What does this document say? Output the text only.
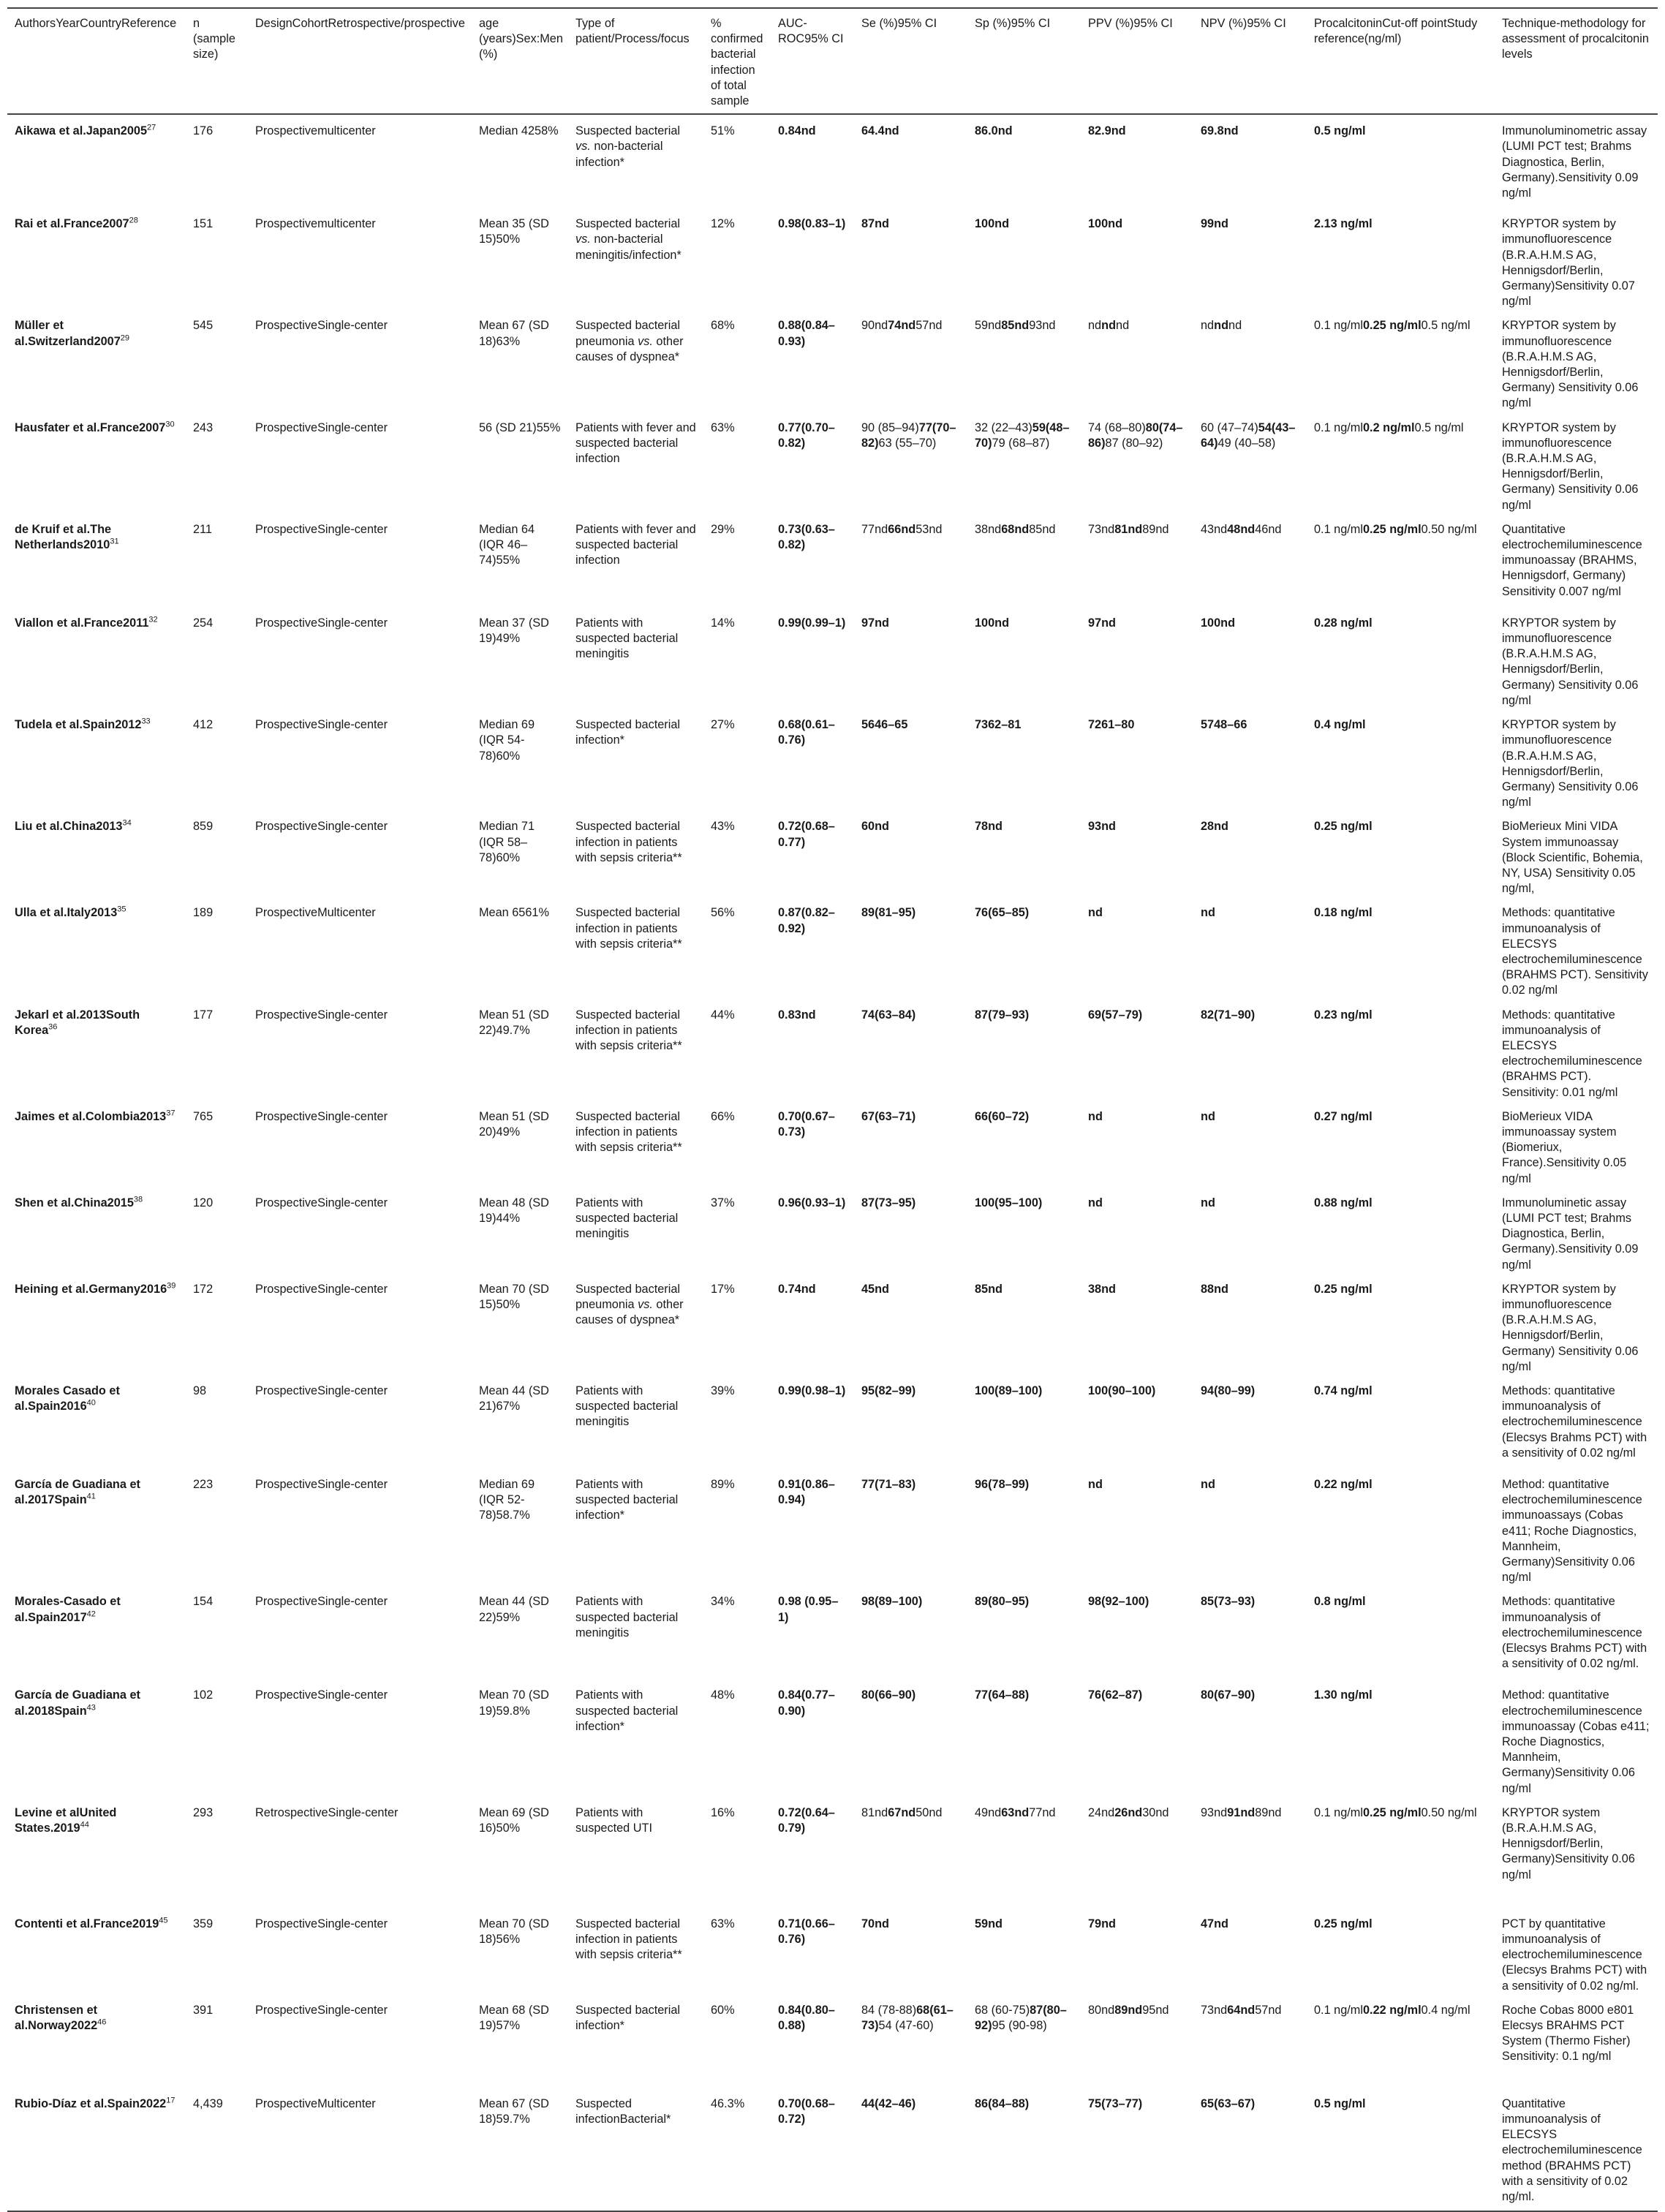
AuthorsYearCountryReference	n (sample size)	DesignCohortRetrospective/prospective	age (years)Sex:Men (%)	Type of patient/Process/focus	% confirmed bacterial infection of total sample	AUC-ROC95% CI	Se (%)95% CI	Sp (%)95% CI	PPV (%)95% CI	NPV (%)95% CI	ProcalcitoninCut-off pointStudy reference(ng/ml)	Technique-methodology for assessment of procalcitonin levels
Aikawa et al.Japan2005$^{27}$	176	Prospectivemulticenter	Median 4258%	Suspected bacterial vs. non-bacterial infection*	51%	0.84nd	64.4nd	86.0nd	82.9nd	69.8nd	0.5 ng/ml	Immunoluminometric assay (LUMI PCT test; Brahms Diagnostica, Berlin, Germany).Sensitivity 0.09 ng/ml
Rai et al.France2007$^{28}$	151	Prospectivemulticenter	Mean 35 (SD 15)50%	Suspected bacterial vs. non-bacterial meningitis/infection*	12%	0.98(0.83–1)	87nd	100nd	100nd	99nd	2.13 ng/ml	KRYPTOR system by immunofluorescence (B.R.A.H.M.S AG, Hennigsdorf/Berlin, Germany)Sensitivity 0.07 ng/ml
Müller et al.Switzerland2007$^{29}$	545	ProspectiveSingle-center	Mean 67 (SD 18)63%	Suspected bacterial pneumonia vs. other causes of dyspnea*	68%	0.88(0.84–0.93)	90nd74nd57nd	59nd85nd93nd	ndndnd	ndndnd	0.1 ng/ml0.25 ng/ml0.5 ng/ml	KRYPTOR system by immunofluorescence (B.R.A.H.M.S AG, Hennigsdorf/Berlin, Germany) Sensitivity 0.06 ng/ml
Hausfater et al.France2007$^{30}$	243	ProspectiveSingle-center	56 (SD 21)55%	Patients with fever and suspected bacterial infection	63%	0.77(0.70–0.82)	90 (85–94)77(70–82)63 (55–70)	32 (22–43)59(48–70)79 (68–87)	74 (68–80)80(74–86)87 (80–92)	60 (47–74)54(43–64)49 (40–58)	0.1 ng/ml0.2 ng/ml0.5 ng/ml	KRYPTOR system by immunofluorescence (B.R.A.H.M.S AG, Hennigsdorf/Berlin, Germany) Sensitivity 0.06 ng/ml
de Kruif et al.The Netherlands2010$^{31}$	211	ProspectiveSingle-center	Median 64 (IQR 46–74)55%	Patients with fever and suspected bacterial infection	29%	0.73(0.63–0.82)	77nd66nd53nd	38nd68nd85nd	73nd81nd89nd	43nd48nd46nd	0.1 ng/ml0.25 ng/ml0.50 ng/ml	Quantitative electrochemiluminescence immunoassay (BRAHMS, Hennigsdorf, Germany) Sensitivity 0.007 ng/ml
Viallon et al.France2011$^{32}$	254	ProspectiveSingle-center	Mean 37 (SD 19)49%	Patients with suspected bacterial meningitis	14%	0.99(0.99–1)	97nd	100nd	97nd	100nd	0.28 ng/ml	KRYPTOR system by immunofluorescence (B.R.A.H.M.S AG, Hennigsdorf/Berlin, Germany) Sensitivity 0.06 ng/ml
Tudela et al.Spain2012$^{33}$	412	ProspectiveSingle-center	Median 69 (IQR 54-78)60%	Suspected bacterial infection*	27%	0.68(0.61–0.76)	5646–65	7362–81	7261–80	5748–66	0.4 ng/ml	KRYPTOR system by immunofluorescence (B.R.A.H.M.S AG, Hennigsdorf/Berlin, Germany) Sensitivity 0.06 ng/ml
Liu et al.China2013$^{34}$	859	ProspectiveSingle-center	Median 71 (IQR 58–78)60%	Suspected bacterial infection in patients with sepsis criteria**	43%	0.72(0.68–0.77)	60nd	78nd	93nd	28nd	0.25 ng/ml	BioMerieux Mini VIDA System immunoassay (Block Scientific, Bohemia, NY, USA) Sensitivity 0.05 ng/ml,
Ulla et al.Italy2013$^{35}$	189	ProspectiveMulticenter	Mean 6561%	Suspected bacterial infection in patients with sepsis criteria**	56%	0.87(0.82–0.92)	89(81–95)	76(65–85)	nd	nd	0.18 ng/ml	Methods: quantitative immunoanalysis of ELECSYS electrochemiluminescence (BRAHMS PCT). Sensitivity 0.02 ng/ml
Jekarl et al.2013South Korea$^{36}$	177	ProspectiveSingle-center	Mean 51 (SD 22)49.7%	Suspected bacterial infection in patients with sepsis criteria**	44%	0.83nd	74(63–84)	87(79–93)	69(57–79)	82(71–90)	0.23 ng/ml	Methods: quantitative immunoanalysis of ELECSYS electrochemiluminescence (BRAHMS PCT). Sensitivity: 0.01 ng/ml
Jaimes et al.Colombia2013$^{37}$	765	ProspectiveSingle-center	Mean 51 (SD 20)49%	Suspected bacterial infection in patients with sepsis criteria**	66%	0.70(0.67–0.73)	67(63–71)	66(60–72)	nd	nd	0.27 ng/ml	BioMerieux VIDA immunoassay system (Biomeriux, France).Sensitivity 0.05 ng/ml
Shen et al.China2015$^{38}$	120	ProspectiveSingle-center	Mean 48 (SD 19)44%	Patients with suspected bacterial meningitis	37%	0.96(0.93–1)	87(73–95)	100(95–100)	nd	nd	0.88 ng/ml	Immunoluminetic assay (LUMI PCT test; Brahms Diagnostica, Berlin, Germany).Sensitivity 0.09 ng/ml
Heining et al.Germany2016$^{39}$	172	ProspectiveSingle-center	Mean 70 (SD 15)50%	Suspected bacterial pneumonia vs. other causes of dyspnea*	17%	0.74nd	45nd	85nd	38nd	88nd	0.25 ng/ml	KRYPTOR system by immunofluorescence (B.R.A.H.M.S AG, Hennigsdorf/Berlin, Germany) Sensitivity 0.06 ng/ml
Morales Casado et al.Spain2016$^{40}$	98	ProspectiveSingle-center	Mean 44 (SD 21)67%	Patients with suspected bacterial meningitis	39%	0.99(0.98–1)	95(82–99)	100(89–100)	100(90–100)	94(80–99)	0.74 ng/ml	Methods: quantitative immunoanalysis of electrochemiluminescence (Elecsys Brahms PCT) with a sensitivity of 0.02 ng/ml
García de Guadiana et al.2017Spain$^{41}$	223	ProspectiveSingle-center	Median 69 (IQR 52-78)58.7%	Patients with suspected bacterial infection*	89%	0.91(0.86–0.94)	77(71–83)	96(78–99)	nd	nd	0.22 ng/ml	Method: quantitative electrochemiluminescence immunoassays (Cobas e411; Roche Diagnostics, Mannheim, Germany)Sensitivity 0.06 ng/ml
Morales-Casado et al.Spain2017$^{42}$	154	ProspectiveSingle-center	Mean 44 (SD 22)59%	Patients with suspected bacterial meningitis	34%	0.98 (0.95–1)	98(89–100)	89(80–95)	98(92–100)	85(73–93)	0.8 ng/ml	Methods: quantitative immunoanalysis of electrochemiluminescence (Elecsys Brahms PCT) with a sensitivity of 0.02 ng/ml.
García de Guadiana et al.2018Spain$^{43}$	102	ProspectiveSingle-center	Mean 70 (SD 19)59.8%	Patients with suspected bacterial infection*	48%	0.84(0.77–0.90)	80(66–90)	77(64–88)	76(62–87)	80(67–90)	1.30 ng/ml	Method: quantitative electrochemiluminescence immunoassay (Cobas e411; Roche Diagnostics, Mannheim, Germany)Sensitivity 0.06 ng/ml
Levine et alUnited States.2019$^{44}$	293	RetrospectiveSingle-center	Mean 69 (SD 16)50%	Patients with suspected UTI	16%	0.72(0.64–0.79)	81nd67nd50nd	49nd63nd77nd	24nd26nd30nd	93nd91nd89nd	0.1 ng/ml0.25 ng/ml0.50 ng/ml	KRYPTOR system (B.R.A.H.M.S AG, Hennigsdorf/Berlin, Germany)Sensitivity 0.06 ng/ml
Contenti et al.France2019$^{45}$	359	ProspectiveSingle-center	Mean 70 (SD 18)56%	Suspected bacterial infection in patients with sepsis criteria**	63%	0.71(0.66–0.76)	70nd	59nd	79nd	47nd	0.25 ng/ml	PCT by quantitative immunoanalysis of electrochemiluminescence (Elecsys Brahms PCT) with a sensitivity of 0.02 ng/ml.
Christensen et al.Norway2022$^{46}$	391	ProspectiveSingle-center	Mean 68 (SD 19)57%	Suspected bacterial infection*	60%	0.84(0.80–0.88)	84 (78-88)68(61–73)54 (47-60)	68 (60-75)87(80–92)95 (90-98)	80nd89nd95nd	73nd64nd57nd	0.1 ng/ml0.22 ng/ml0.4 ng/ml	Roche Cobas 8000 e801 Elecsys BRAHMS PCT System (Thermo Fisher) Sensitivity: 0.1 ng/ml
Rubio-Díaz et al.Spain2022$^{17}$	4,439	ProspectiveMulticenter	Mean 67 (SD 18)59.7%	Suspected infectionBacterial*	46.3%	0.70(0.68–0.72)	44(42–46)	86(84–88)	75(73–77)	65(63–67)	0.5 ng/ml	Quantitative immunoanalysis of ELECSYS electrochemiluminescence method (BRAHMS PCT) with a sensitivity of 0.02 ng/ml.
